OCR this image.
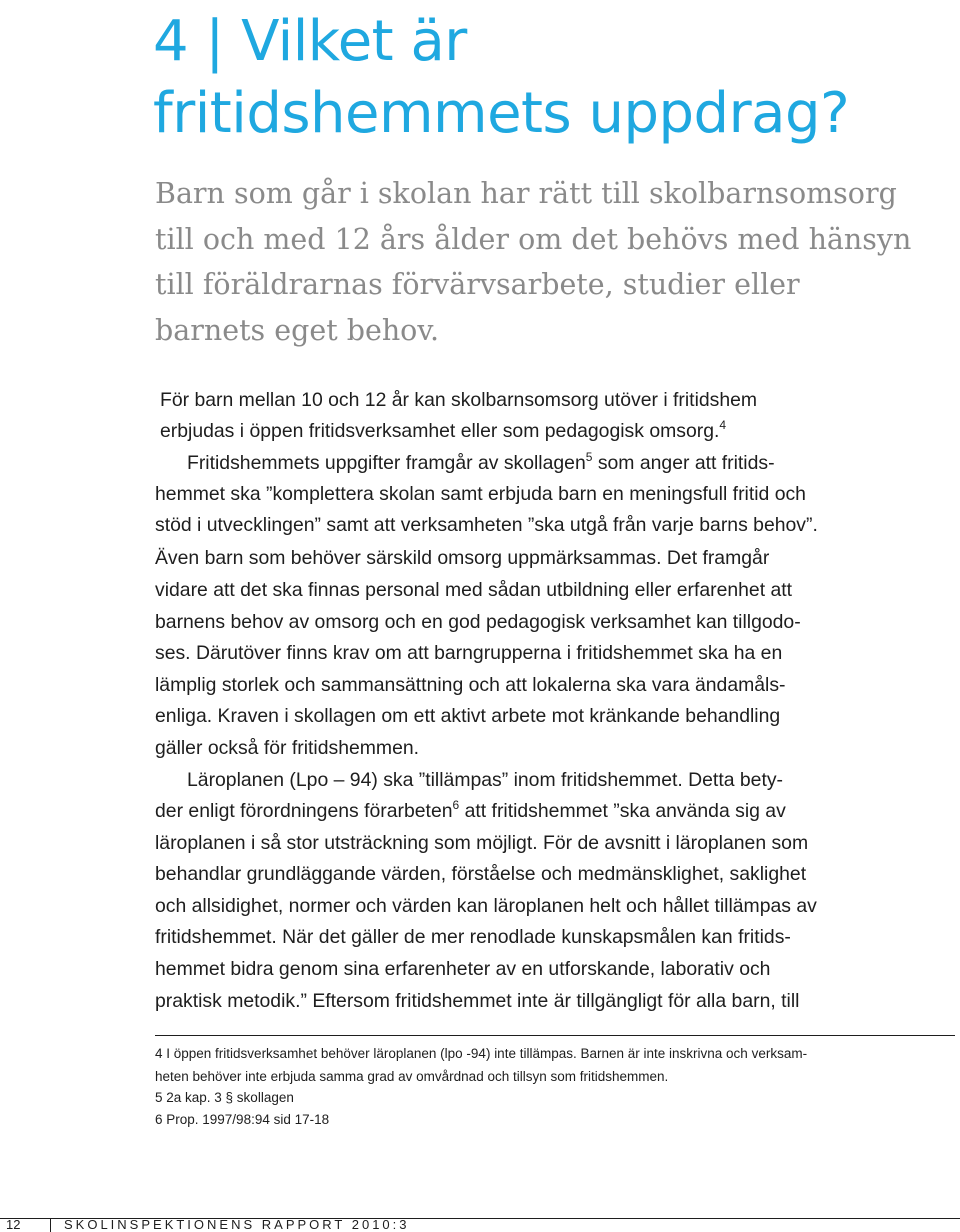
4 | Vilket är
fritidshemmets uppdrag?

Barn som går i skolan har rätt till skolbarnsomsorg
till och med 12 års ålder om det behövs med hänsyn
till föräldrarnas förvärvsarbete, studier eller
barnets eget behov.

För barn mellan 10 och 12 år kan skolbarnsomsorg utöver i fritidshem
erbjudas i öppen fritidsverksamhet eller som pedagogisk omsorg.$^4$
Fritidshemmets uppgifter framgår av skollagen$^5$ som anger att fritids-
hemmet ska ”komplettera skolan samt erbjuda barn en meningsfull fritid och
stöd i utvecklingen” samt att verksamheten ”ska utgå från varje barns behov”.
Även barn som behöver särskild omsorg uppmärksammas. Det framgår
vidare att det ska finnas personal med sådan utbildning eller erfarenhet att
barnens behov av omsorg och en god pedagogisk verksamhet kan tillgodo-
ses. Därutöver finns krav om att barngrupperna i fritidshemmet ska ha en
lämplig storlek och sammansättning och att lokalerna ska vara ändamåls-
enliga. Kraven i skollagen om ett aktivt arbete mot kränkande behandling
gäller också för fritidshemmen.
Läroplanen (Lpo – 94) ska ”tillämpas” inom fritidshemmet. Detta bety-
der enligt förordningens förarbeten$^6$ att fritidshemmet ”ska använda sig av
läroplanen i så stor utsträckning som möjligt. För de avsnitt i läroplanen som
behandlar grundläggande värden, förståelse och medmänsklighet, saklighet
och allsidighet, normer och värden kan läroplanen helt och hållet tillämpas av
fritidshemmet. När det gäller de mer renodlade kunskapsmålen kan fritids-
hemmet bidra genom sina erfarenheter av en utforskande, laborativ och
praktisk metodik.” Eftersom fritidshemmet inte är tillgängligt för alla barn, till
4 I öppen fritidsverksamhet behöver läroplanen (lpo -94) inte tillämpas. Barnen är inte inskrivna och verksam-
heten behöver inte erbjuda samma grad av omvårdnad och tillsyn som fritidshemmen.
5 2a kap. 3 § skollagen
6 Prop. 1997/98:94 sid 17-18
12	SKOLINSPEKTIONENS RAPPORT 2010:3
